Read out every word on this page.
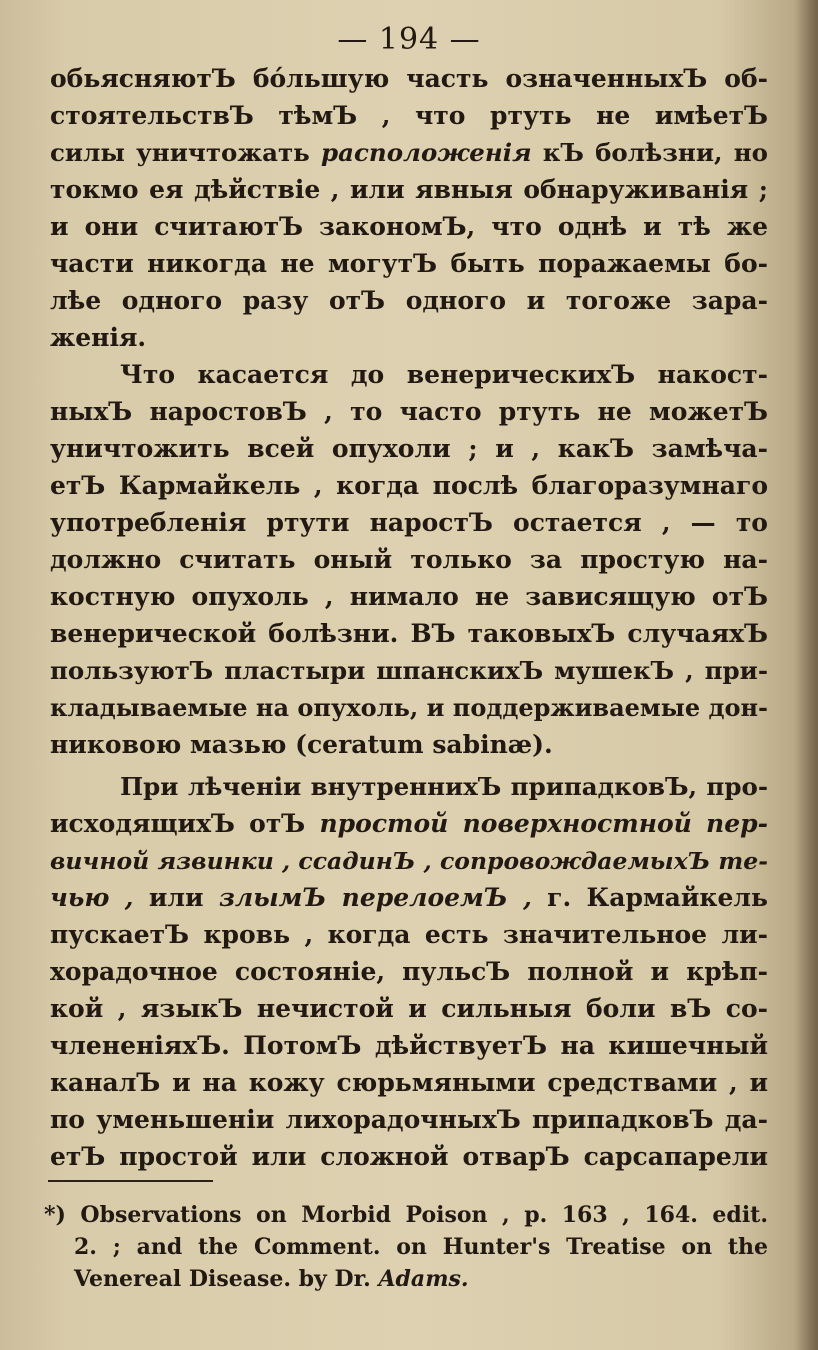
— 194 —
обьясняютЪ бо́льшую часть означенныхЪ об-
стоятельствЪ тѣмЪ , что ртуть не имѣетЪ
силы уничтожать расположенія кЪ болѣзни, но
токмо ея дѣйствіе , или явныя обнаруживанія ;
и они считаютЪ закономЪ, что однѣ и тѣ же
части никогда не могутЪ быть поражаемы бо-
лѣе одного разу отЪ одного и тогоже зара-
женія.
Что касается до венерическихЪ накост-
ныхЪ наростовЪ , то часто ртуть не можетЪ
уничтожить всей опухоли ; и , какЪ замѣча-
етЪ Кармайкель , когда послѣ благоразумнаго
употребленія ртути наростЪ остается , — то
должно считать оный только за простую на-
костную опухоль , нимало не зависящую отЪ
венерической болѣзни. ВЪ таковыхЪ случаяхЪ
пользуютЪ пластыри шпанскихЪ мушекЪ , при-
кладываемые на опухоль, и поддерживаемые дон-
никовою мазью (ceratum sabinæ).
При лѣченіи внутреннихЪ припадковЪ, про-
исходящихЪ отЪ простой поверхностной пер-
вичной язвинки , ссадинЪ , сопровождаемыхЪ те-
чью , или злымЪ перелоемЪ , г. Кармайкель
пускаетЪ кровь , когда есть значительное ли-
хорадочное состояніе, пульсЪ полной и крѣп-
кой , языкЪ нечистой и сильныя боли вЪ со-
члененіяхЪ. ПотомЪ дѣйствуетЪ на кишечный
каналЪ и на кожу сюрьмяными средствами , и
по уменьшеніи лихорадочныхЪ припадковЪ да-
етЪ простой или сложной отварЪ сарсапарели
*) Observations on Morbid Poison , p. 163 , 164. edit.
2. ; and the Comment. on Hunter's Treatise on the
Venereal Disease. by Dr. Adams.
